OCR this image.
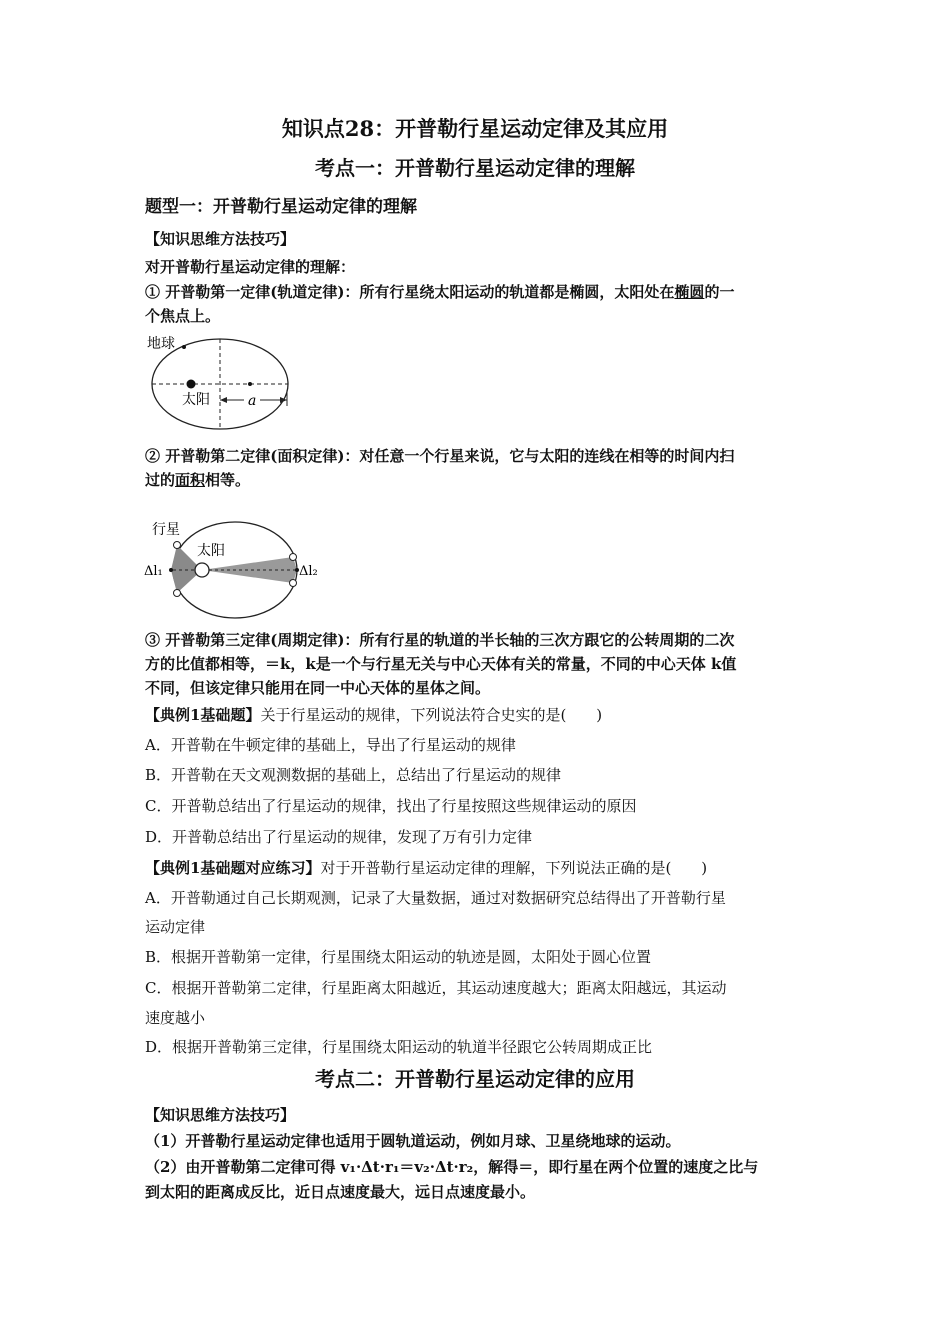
知识点28：开普勒行星运动定律及其应用
考点一：开普勒行星运动定律的理解
题型一：开普勒行星运动定律的理解
【知识思维方法技巧】
对开普勒行星运动定律的理解：
① 开普勒第一定律(轨道定律)：所有行星绕太阳运动的轨道都是椭圆，太阳处在椭圆的一
个焦点上。
地球
太阳	a
② 开普勒第二定律(面积定律)：对任意一个行星来说，它与太阳的连线在相等的时间内扫
过的面积相等。
行星
太阳
Δl₁	Δl₂
③ 开普勒第三定律(周期定律)：所有行星的轨道的半长轴的三次方跟它的公转周期的二次
方的比值都相等，＝k，k是一个与行星无关与中心天体有关的常量，不同的中心天体 k值
不同，但该定律只能用在同一中心天体的星体之间。
【典例1基础题】关于行星运动的规律，下列说法符合史实的是(　　)
A．开普勒在牛顿定律的基础上，导出了行星运动的规律
B．开普勒在天文观测数据的基础上，总结出了行星运动的规律
C．开普勒总结出了行星运动的规律，找出了行星按照这些规律运动的原因
D．开普勒总结出了行星运动的规律，发现了万有引力定律
【典例1基础题对应练习】对于开普勒行星运动定律的理解，下列说法正确的是(　　)
A．开普勒通过自己长期观测，记录了大量数据，通过对数据研究总结得出了开普勒行星
运动定律
B．根据开普勒第一定律，行星围绕太阳运动的轨迹是圆，太阳处于圆心位置
C．根据开普勒第二定律，行星距离太阳越近，其运动速度越大；距离太阳越远，其运动
速度越小
D．根据开普勒第三定律，行星围绕太阳运动的轨道半径跟它公转周期成正比
考点二：开普勒行星运动定律的应用
【知识思维方法技巧】
（1）开普勒行星运动定律也适用于圆轨道运动，例如月球、卫星绕地球的运动。
（2）由开普勒第二定律可得 v₁·Δt·r₁＝v₂·Δt·r₂，解得＝，即行星在两个位置的速度之比与
到太阳的距离成反比，近日点速度最大，远日点速度最小。
